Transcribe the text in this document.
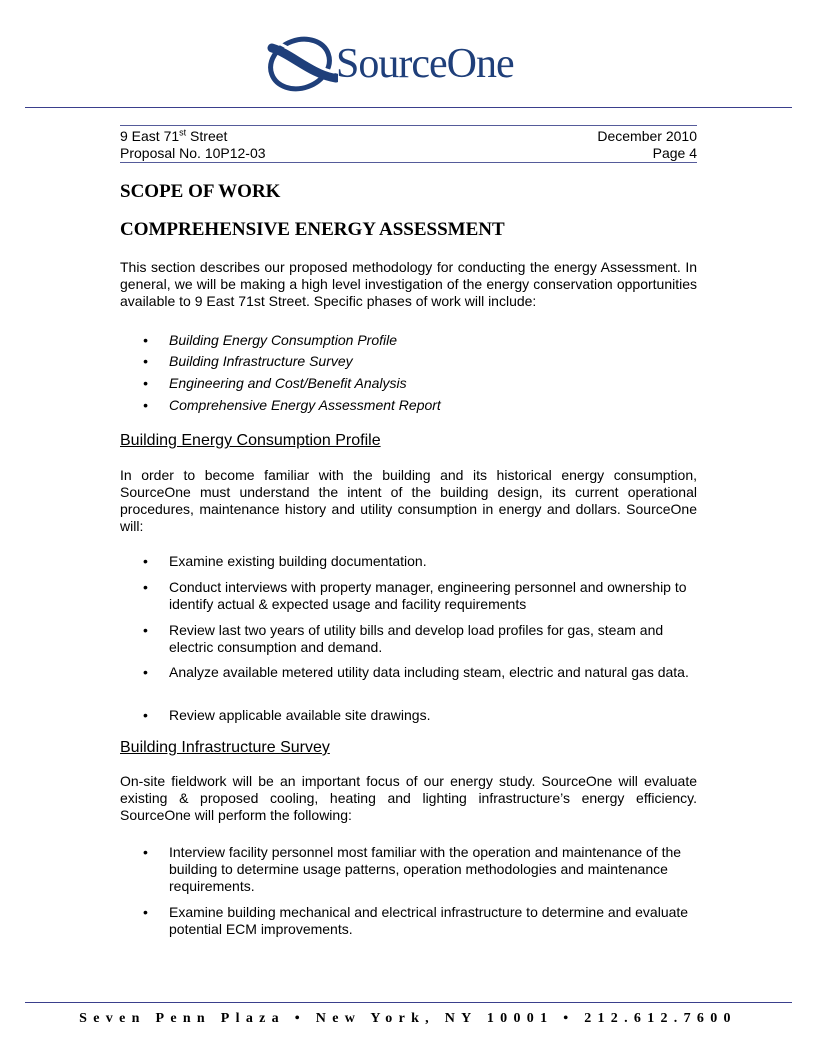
SourceOne
9 East 71st Street	December 2010
Proposal No. 10P12-03	Page 4
SCOPE OF WORK
COMPREHENSIVE ENERGY ASSESSMENT
This section describes our proposed methodology for conducting the energy Assessment. In general, we will be making a high level investigation of the energy conservation opportunities available to 9 East 71st Street. Specific phases of work will include:
• Building Energy Consumption Profile
• Building Infrastructure Survey
• Engineering and Cost/Benefit Analysis
• Comprehensive Energy Assessment Report
Building Energy Consumption Profile
In order to become familiar with the building and its historical energy consumption, SourceOne must understand the intent of the building design, its current operational procedures, maintenance history and utility consumption in energy and dollars. SourceOne will:
• Examine existing building documentation.
• Conduct interviews with property manager, engineering personnel and ownership to identify actual & expected usage and facility requirements
• Review last two years of utility bills and develop load profiles for gas, steam and electric consumption and demand.
• Analyze available metered utility data including steam, electric and natural gas data.
• Review applicable available site drawings.
Building Infrastructure Survey
On-site fieldwork will be an important focus of our energy study. SourceOne will evaluate existing & proposed cooling, heating and lighting infrastructure’s energy efficiency. SourceOne will perform the following:
• Interview facility personnel most familiar with the operation and maintenance of the building to determine usage patterns, operation methodologies and maintenance requirements.
• Examine building mechanical and electrical infrastructure to determine and evaluate potential ECM improvements.
Seven Penn Plaza • New York, NY 10001 • 212.612.7600
